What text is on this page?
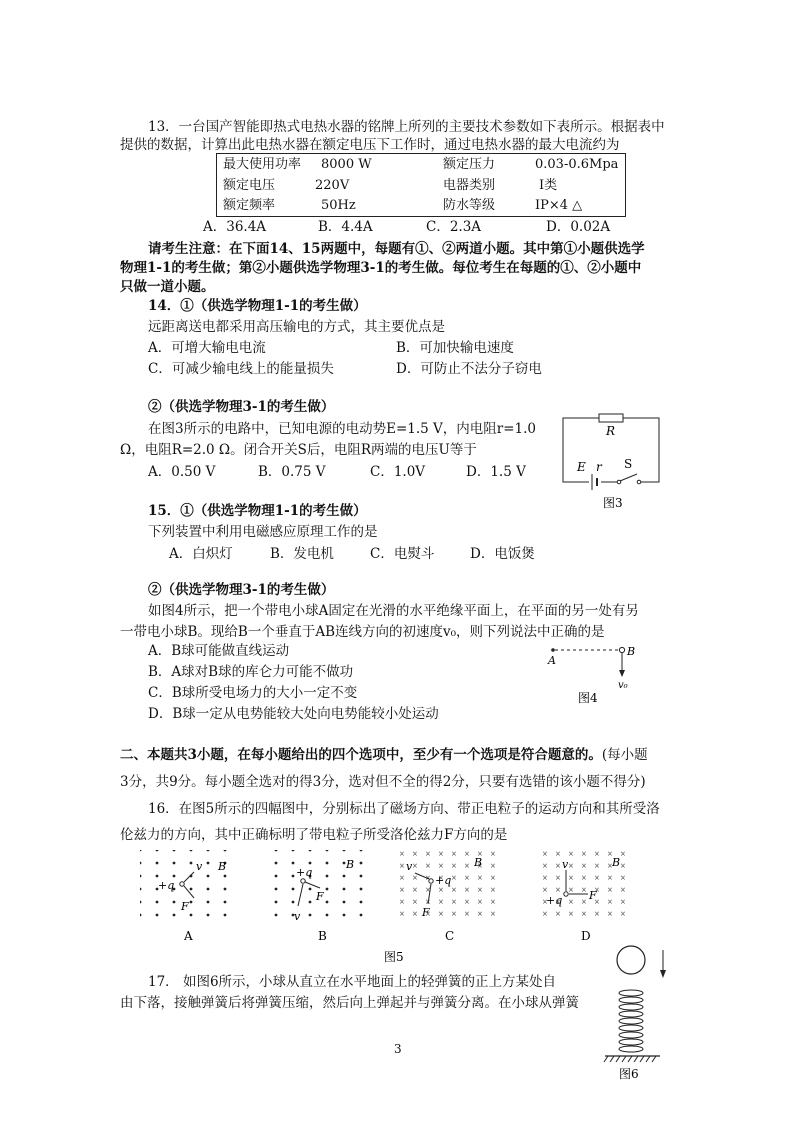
13．一台国产智能即热式电热水器的铭牌上所列的主要技术参数如下表所示。根据表中
提供的数据，计算出此电热水器在额定电压下工作时，通过电热水器的最大电流约为
最大使用功率 8000 W	额定压力	0.03-0.6Mpa
额定电压	220V	电器类别	Ⅰ类
额定频率	50Hz	防水等级	IP×4 △
A．36.4A	B．4.4A	C．2.3A	D．0.02A
请考生注意：在下面14、15两题中，每题有①、②两道小题。其中第①小题供选学
物理1-1的考生做；第②小题供选学物理3-1的考生做。每位考生在每题的①、②小题中
只做一道小题。
14．①（供选学物理1-1的考生做）
远距离送电都采用高压输电的方式，其主要优点是
A．可增大输电电流	B．可加快输电速度
C．可减少输电线上的能量损失	D．可防止不法分子窃电
②（供选学物理3-1的考生做）
在图3所示的电路中，已知电源的电动势E=1.5 V，内电阻r=1.0
Ω，电阻R=2.0 Ω。闭合开关S后，电阻R两端的电压U等于
A．0.50 V	B．0.75 V	C．1.0V	D．1.5 V
R
E r S
图3
15．①（供选学物理1-1的考生做）
下列装置中利用电磁感应原理工作的是
A．白炽灯	B．发电机	C．电熨斗	D．电饭煲
②（供选学物理3-1的考生做）
如图4所示，把一个带电小球A固定在光滑的水平绝缘平面上，在平面的另一处有另
一带电小球B。现给B一个垂直于AB连线方向的初速度v₀，则下列说法中正确的是
A．B球可能做直线运动
B．A球对B球的库仑力可能不做功
C．B球所受电场力的大小一定不变
D．B球一定从电势能较大处向电势能较小处运动
A
B
v₀
图4
二、本题共3小题，在每小题给出的四个选项中，至少有一个选项是符合题意的。(每小题
3分，共9分。每小题全选对的得3分，选对但不全的得2分，只要有选错的该小题不得分)
16．在图5所示的四幅图中，分别标出了磁场方向、带正电粒子的运动方向和其所受洛
伦兹力的方向，其中正确标明了带电粒子所受洛伦兹力F方向的是
+q
v
F
B
A
+q
v
F
B
B
+q
v
F
B
C
+q
v
F
B
D
图5
17． 如图6所示，小球从直立在水平地面上的轻弹簧的正上方某处自
由下落，接触弹簧后将弹簧压缩，然后向上弹起并与弹簧分离。在小球从弹簧
图6
3
